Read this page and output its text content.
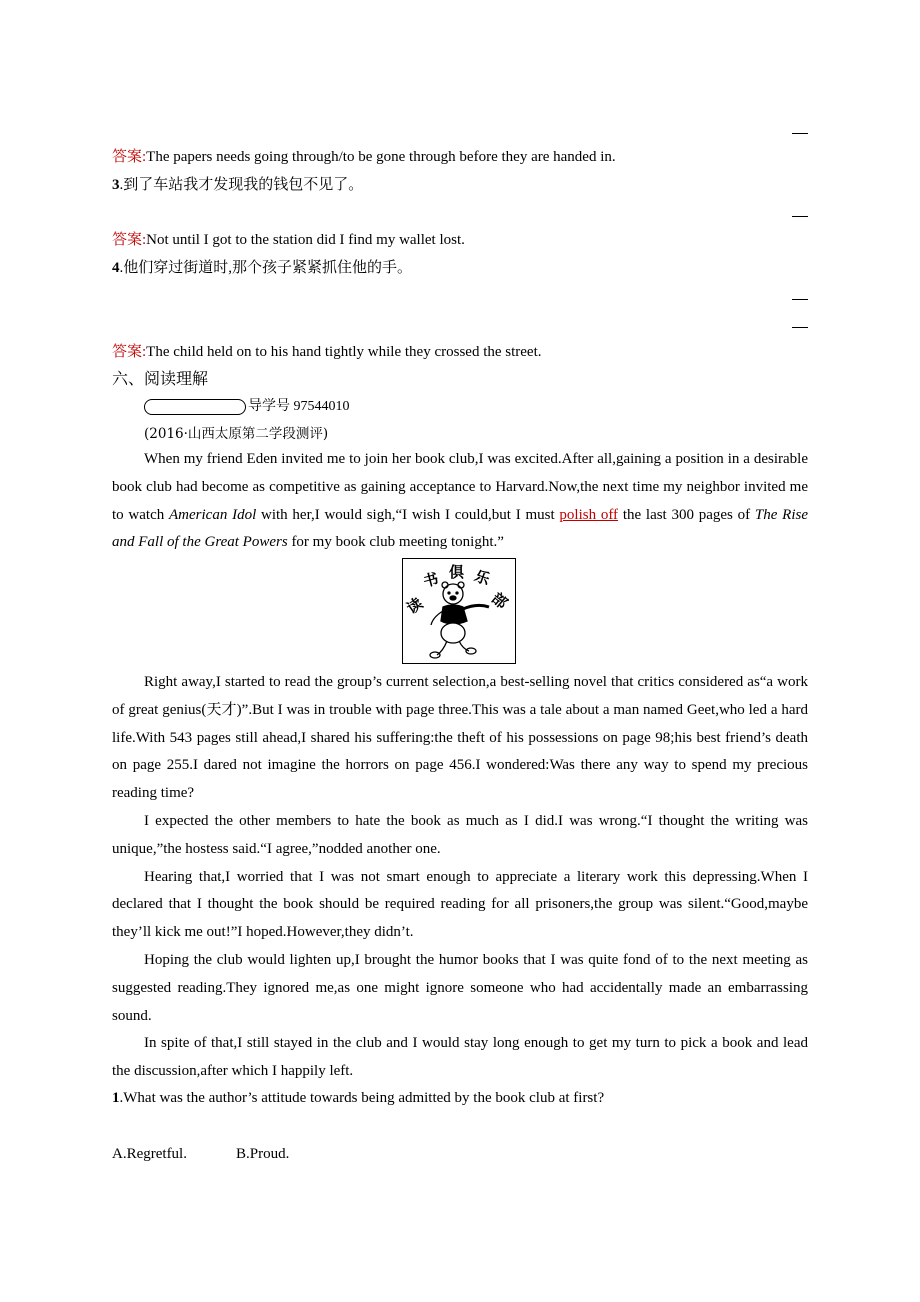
答案:The papers needs going through/to be gone through before they are handed in.
3.到了车站我才发现我的钱包不见了。
答案:Not until I got to the station did I find my wallet lost.
4.他们穿过街道时,那个孩子紧紧抓住他的手。
答案:The child held on to his hand tightly while they crossed the street.
六、阅读理解
导学号 97544010
(2016·山西太原第二学段测评)

When my friend Eden invited me to join her book club,I was excited.After all,gaining a position in a desirable book club had become as competitive as gaining acceptance to Harvard.Now,the next time my neighbor invited me to watch American Idol with her,I would sigh,“I wish I could,but I must polish off the last 300 pages of The Rise and Fall of the Great Powers for my book club meeting tonight.”

读
书 俱 乐
部

Right away,I started to read the group’s current selection,a best-selling novel that critics considered as“a work of great genius(天才)”.But I was in trouble with page three.This was a tale about a man named Geet,who led a hard life.With 543 pages still ahead,I shared his suffering:the theft of his possessions on page 98;his best friend’s death on page 255.I dared not imagine the horrors on page 456.I wondered:Was there any way to spend my precious reading time?

I expected the other members to hate the book as much as I did.I was wrong.“I thought the writing was unique,”the hostess said.“I agree,”nodded another one.

Hearing that,I worried that I was not smart enough to appreciate a literary work this depressing.When I declared that I thought the book should be required reading for all prisoners,the group was silent.“Good,maybe they’ll kick me out!”I hoped.However,they didn’t.

Hoping the club would lighten up,I brought the humor books that I was quite fond of to the next meeting as suggested reading.They ignored me,as one might ignore someone who had accidentally made an embarrassing sound.

In spite of that,I still stayed in the club and I would stay long enough to get my turn to pick a book and lead the discussion,after which I happily left.

1.What was the author’s attitude towards being admitted by the book club at first?
A.Regretful.	B.Proud.
